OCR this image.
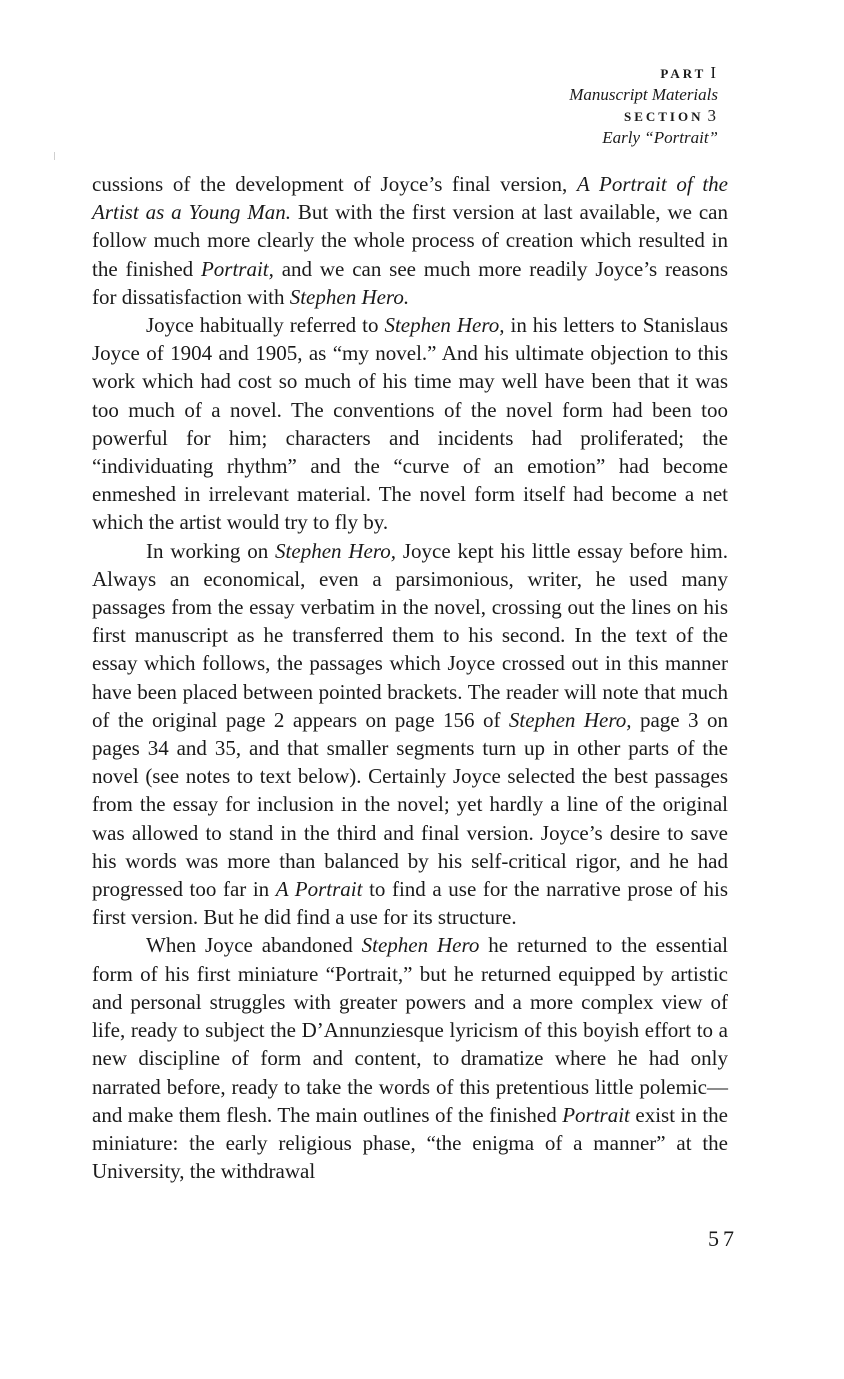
PART I
Manuscript Materials
SECTION 3
Early “Portrait”

cussions of the development of Joyce’s final version, A Portrait of the Artist as a Young Man. But with the first version at last available, we can follow much more clearly the whole process of creation which resulted in the finished Portrait, and we can see much more readily Joyce’s reasons for dissatisfaction with Stephen Hero.

Joyce habitually referred to Stephen Hero, in his letters to Stanislaus Joyce of 1904 and 1905, as “my novel.” And his ultimate objection to this work which had cost so much of his time may well have been that it was too much of a novel. The conventions of the novel form had been too powerful for him; characters and incidents had proliferated; the “individuating rhythm” and the “curve of an emotion” had become enmeshed in irrelevant material. The novel form itself had become a net which the artist would try to fly by.

In working on Stephen Hero, Joyce kept his little essay before him. Always an economical, even a parsimonious, writer, he used many passages from the essay verbatim in the novel, crossing out the lines on his first manuscript as he transferred them to his second. In the text of the essay which follows, the passages which Joyce crossed out in this manner have been placed between pointed brackets. The reader will note that much of the original page 2 appears on page 156 of Stephen Hero, page 3 on pages 34 and 35, and that smaller segments turn up in other parts of the novel (see notes to text below). Certainly Joyce selected the best passages from the essay for inclusion in the novel; yet hardly a line of the original was allowed to stand in the third and final version. Joyce’s desire to save his words was more than balanced by his self-critical rigor, and he had progressed too far in A Portrait to find a use for the narrative prose of his first version. But he did find a use for its structure.

When Joyce abandoned Stephen Hero he returned to the essential form of his first miniature “Portrait,” but he returned equipped by artistic and personal struggles with greater powers and a more complex view of life, ready to subject the D’Annunziesque lyricism of this boyish effort to a new discipline of form and content, to dramatize where he had only narrated before, ready to take the words of this pretentious little polemic—and make them flesh. The main outlines of the finished Portrait exist in the miniature: the early religious phase, “the enigma of a manner” at the University, the withdrawal

57
